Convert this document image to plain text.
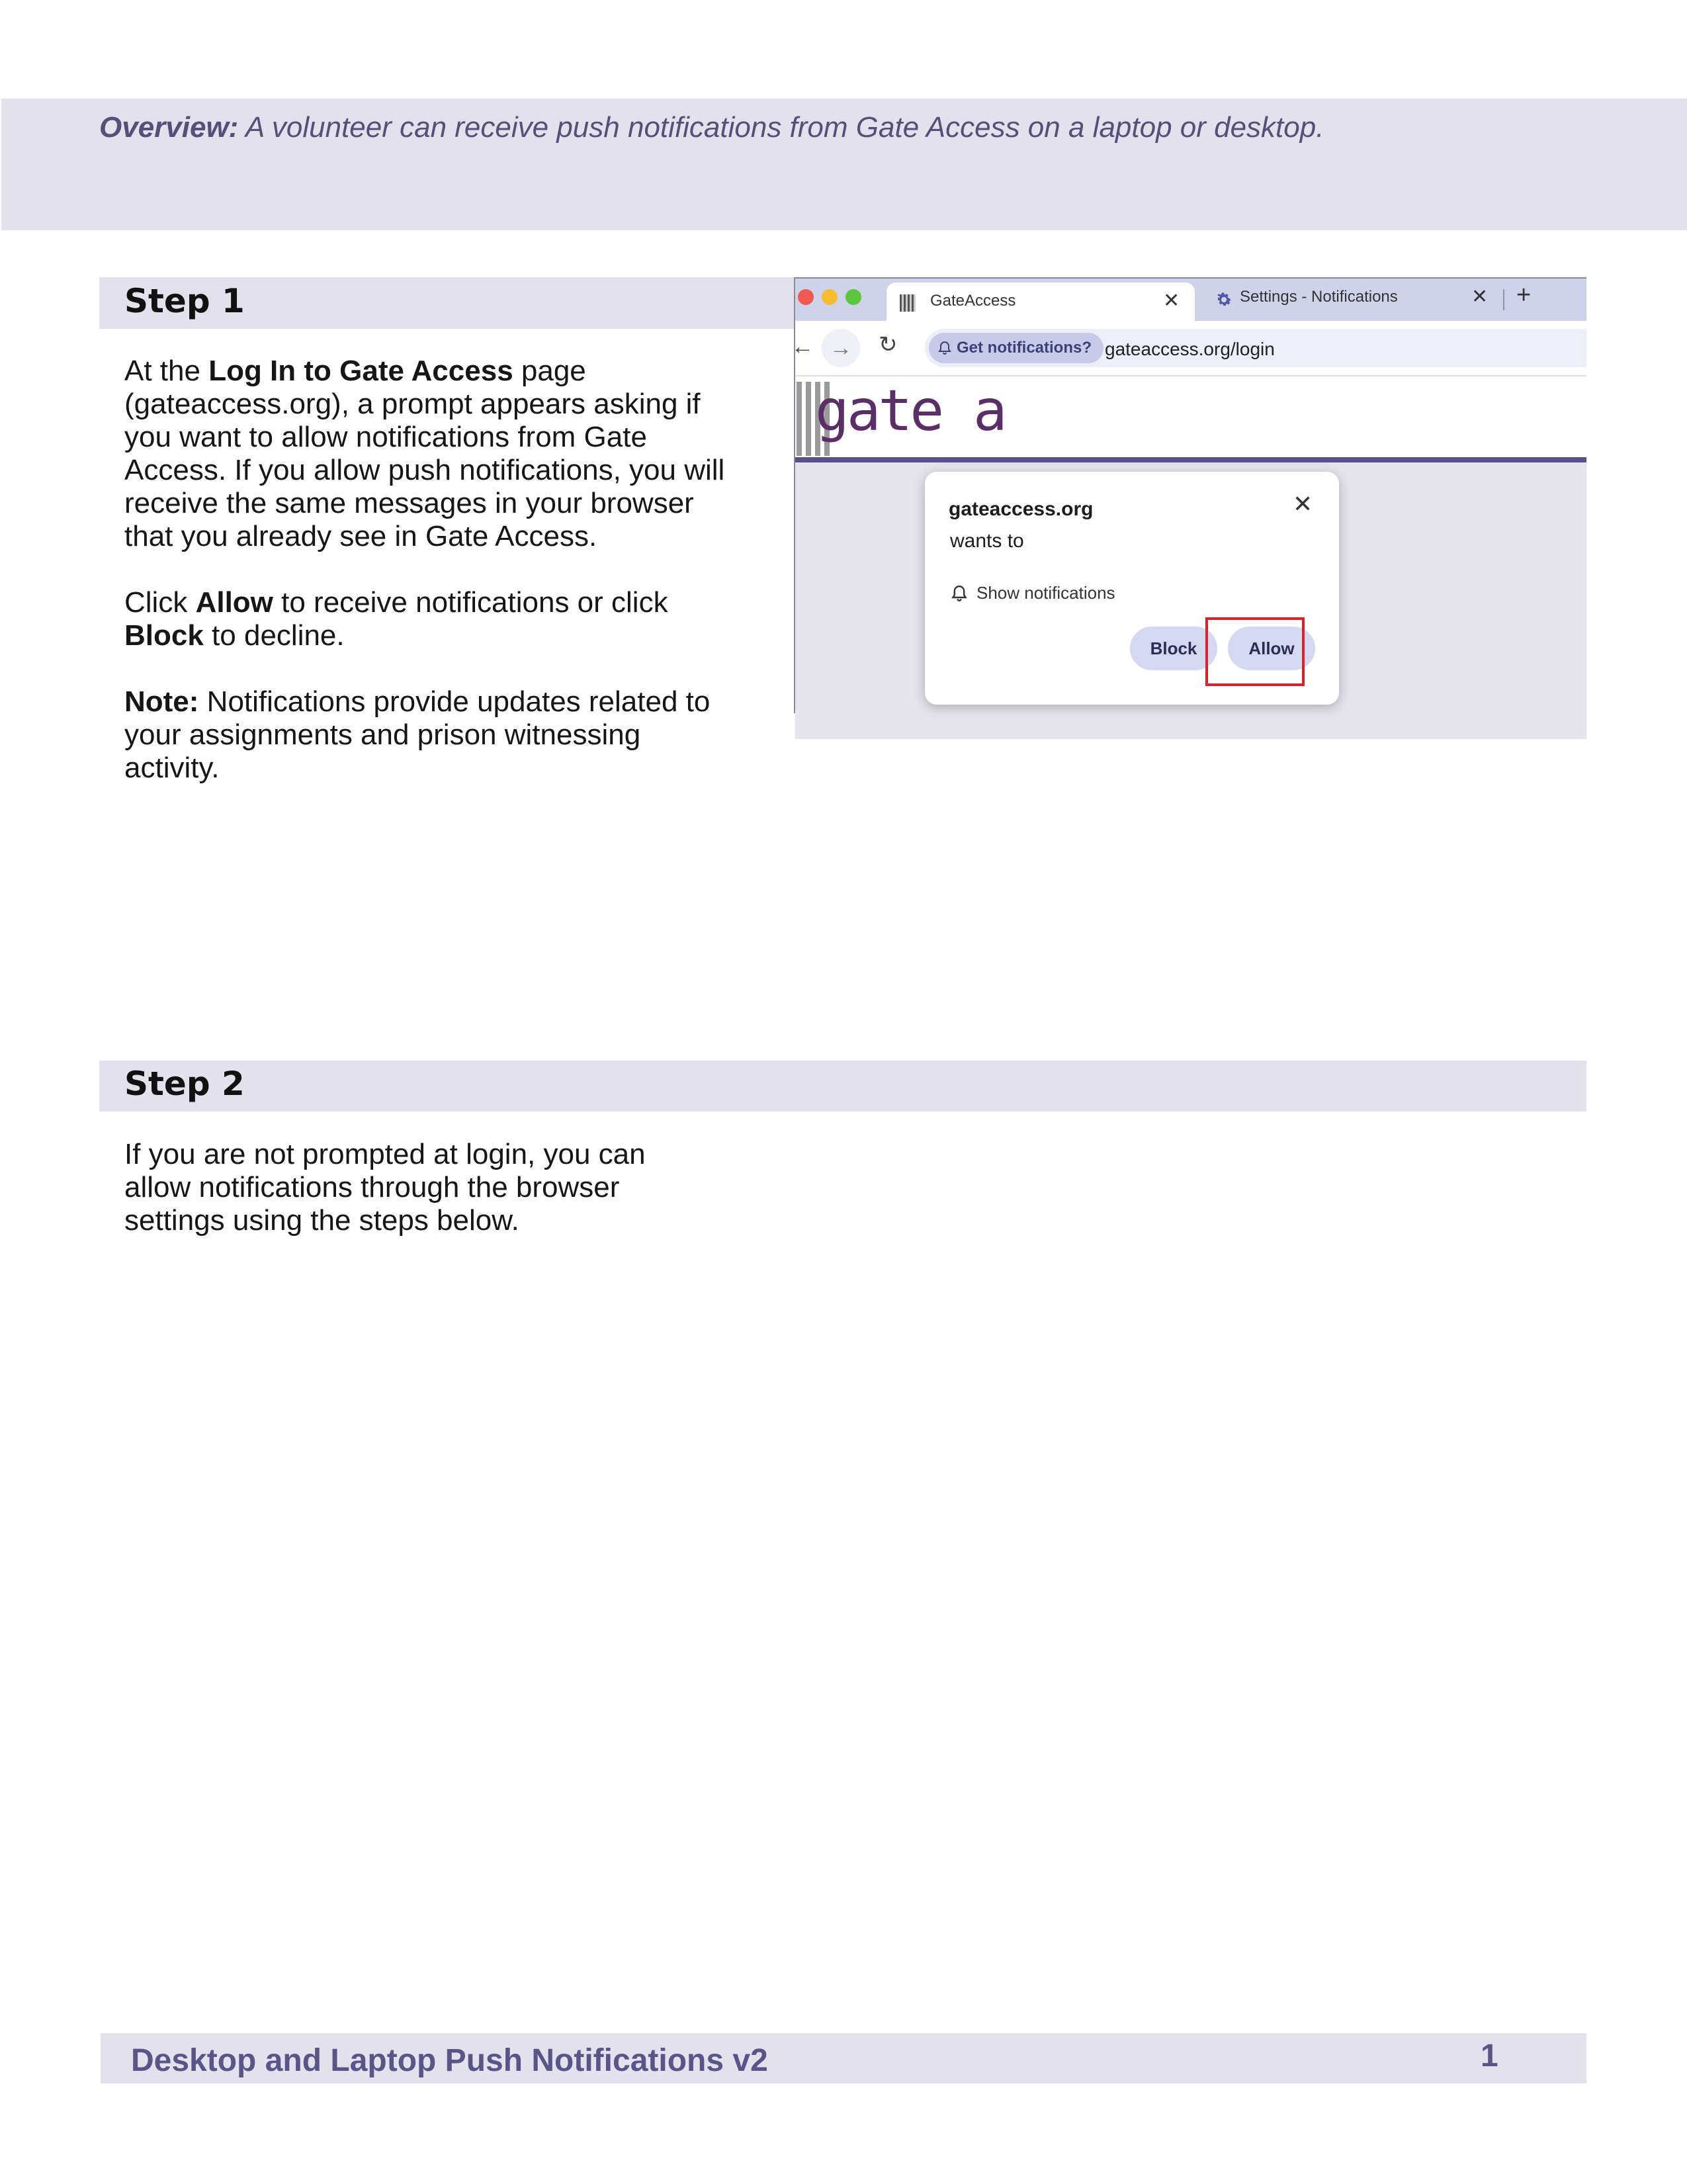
Overview: A volunteer can receive push notifications from Gate Access on a laptop or desktop.
Step 1

At the Log In to Gate Access page (gateaccess.org), a prompt appears asking if you want to allow notifications from Gate Access. If you allow push notifications, you will receive the same messages in your browser that you already see in Gate Access.

Click Allow to receive notifications or click Block to decline.

Note: Notifications provide updates related to your assignments and prison witnessing activity.

GateAccess	✕	Settings - Notifications	✕ +
← → ↻	Get notifications? gateaccess.org/login
gate a
gateaccess.org
wants to
✕
Show notifications
Block	Allow
Step 2

If you are not prompted at login, you can allow notifications through the browser settings using the steps below.

Desktop and Laptop Push Notifications v2	1
